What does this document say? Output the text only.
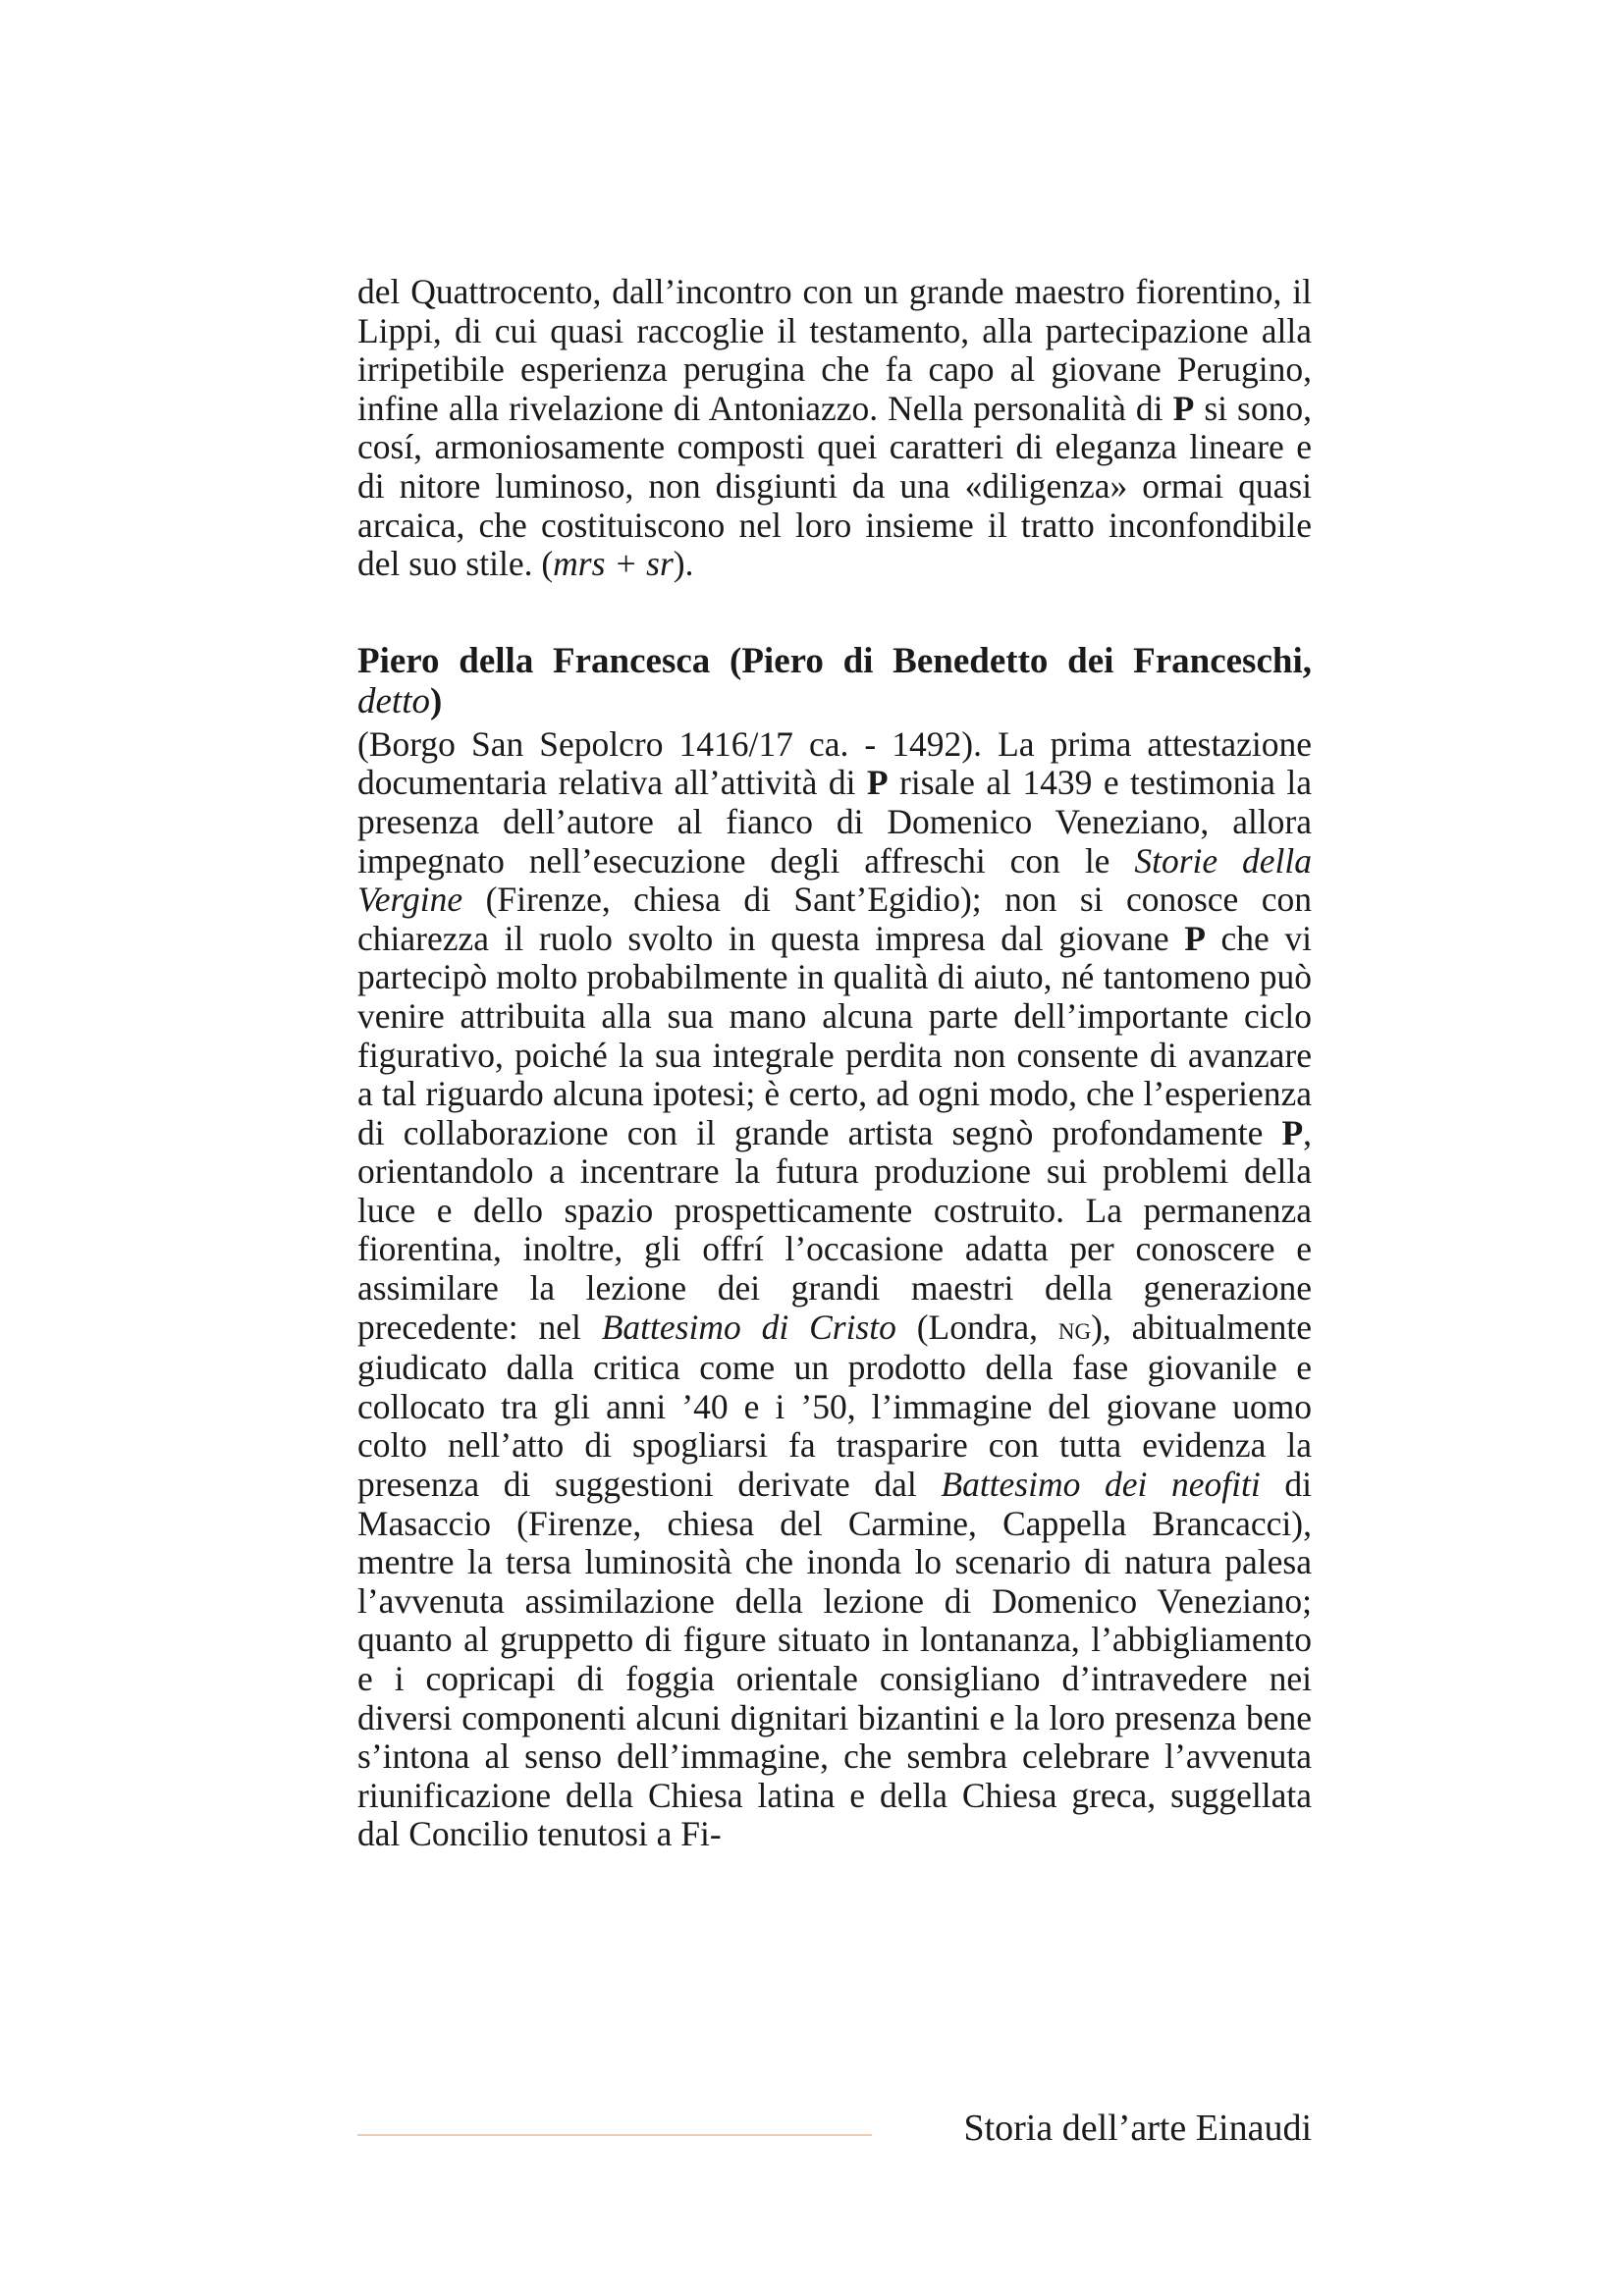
del Quattrocento, dall’incontro con un grande maestro fiorentino, il Lippi, di cui quasi raccoglie il testamento, alla partecipazione alla irripetibile esperienza perugina che fa capo al giovane Perugino, infine alla rivelazione di Antoniazzo. Nella personalità di P si sono, cosí, armoniosamente composti quei caratteri di eleganza lineare e di nitore luminoso, non disgiunti da una «diligenza» ormai quasi arcaica, che costituiscono nel loro insieme il tratto inconfondibile del suo stile. (mrs + sr).

Piero della Francesca (Piero di Benedetto dei Franceschi, detto)

(Borgo San Sepolcro 1416/17 ca. - 1492). La prima attestazione documentaria relativa all’attività di P risale al 1439 e testimonia la presenza dell’autore al fianco di Domenico Veneziano, allora impegnato nell’esecuzione degli affreschi con le Storie della Vergine (Firenze, chiesa di Sant’Egidio); non si conosce con chiarezza il ruolo svolto in questa impresa dal giovane P che vi partecipò molto probabilmente in qualità di aiuto, né tantomeno può venire attribuita alla sua mano alcuna parte dell’importante ciclo figurativo, poiché la sua integrale perdita non consente di avanzare a tal riguardo alcuna ipotesi; è certo, ad ogni modo, che l’esperienza di collaborazione con il grande artista segnò profondamente P, orientandolo a incentrare la futura produzione sui problemi della luce e dello spazio prospetticamente costruito. La permanenza fiorentina, inoltre, gli offrí l’occasione adatta per conoscere e assimilare la lezione dei grandi maestri della generazione precedente: nel Battesimo di Cristo (Londra, ng), abitualmente giudicato dalla critica come un prodotto della fase giovanile e collocato tra gli anni ’40 e i ’50, l’immagine del giovane uomo colto nell’atto di spogliarsi fa trasparire con tutta evidenza la presenza di suggestioni derivate dal Battesimo dei neofiti di Masaccio (Firenze, chiesa del Carmine, Cappella Brancacci), mentre la tersa luminosità che inonda lo scenario di natura palesa l’avvenuta assimilazione della lezione di Domenico Veneziano; quanto al gruppetto di figure situato in lontananza, l’abbigliamento e i copricapi di foggia orientale consigliano d’intravedere nei diversi componenti alcuni dignitari bizantini e la loro presenza bene s’intona al senso dell’immagine, che sembra celebrare l’avvenuta riunificazione della Chiesa latina e della Chiesa greca, suggellata dal Concilio tenutosi a Fi-

Storia dell’arte Einaudi
